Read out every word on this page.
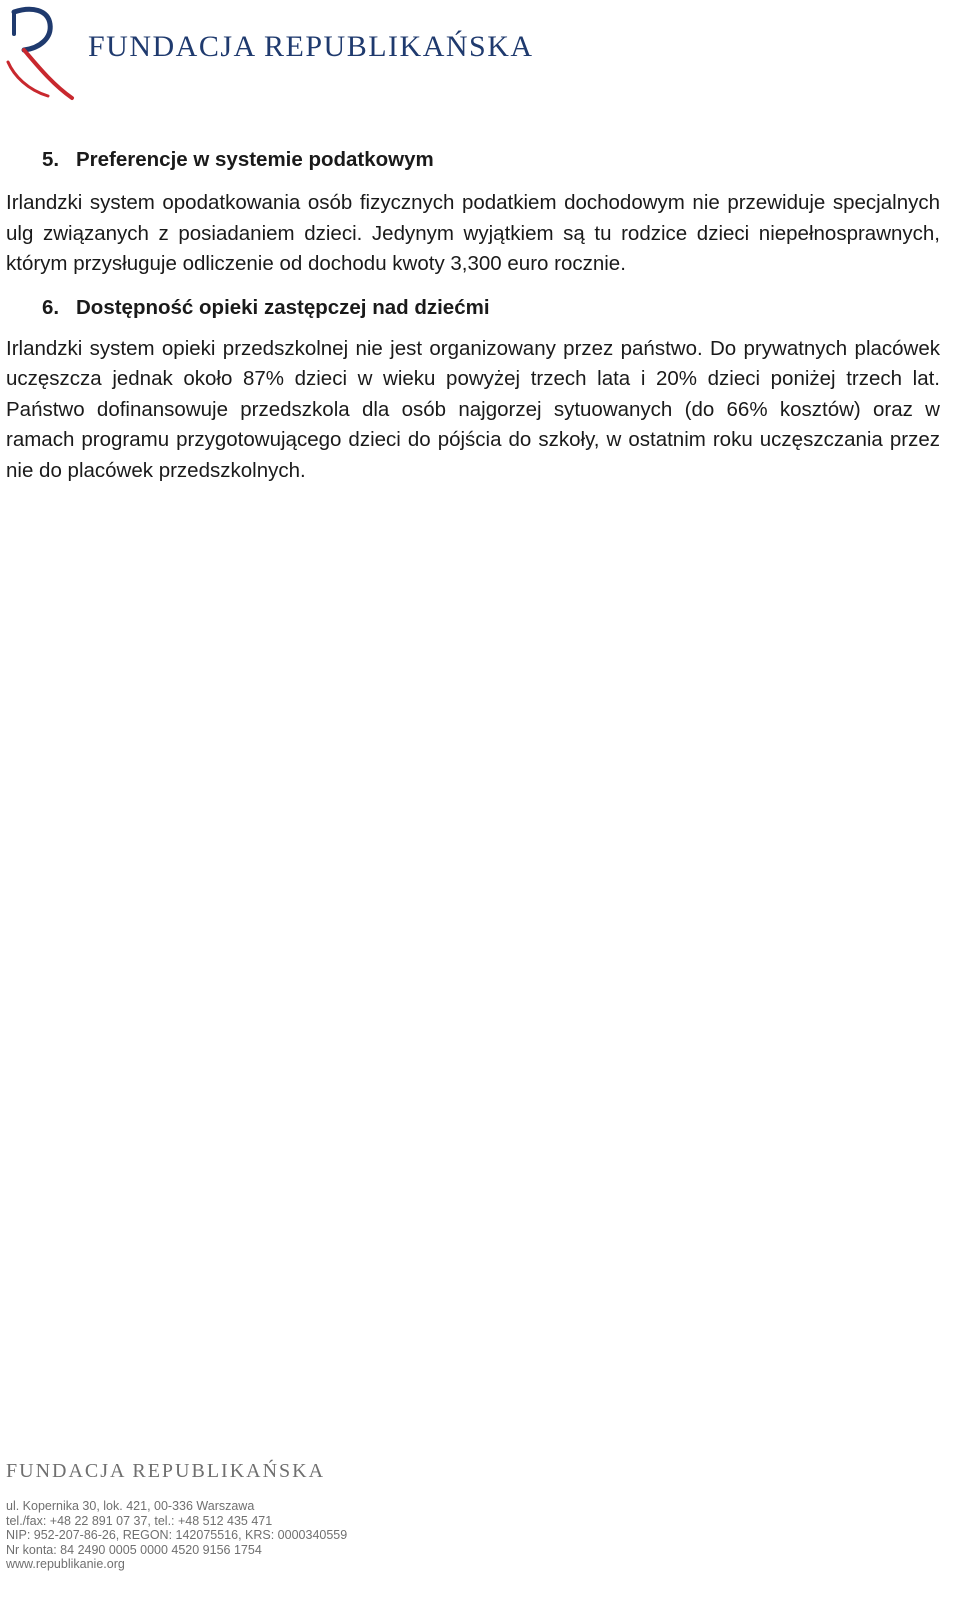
FUNDACJA REPUBLIKAŃSKA
5. Preferencje w systemie podatkowym

Irlandzki system opodatkowania osób fizycznych podatkiem dochodowym nie przewiduje specjalnych ulg związanych z posiadaniem dzieci. Jedynym wyjątkiem są tu rodzice dzieci niepełnosprawnych, którym przysługuje odliczenie od dochodu kwoty 3,300 euro rocznie.

6. Dostępność opieki zastępczej nad dziećmi

Irlandzki system opieki przedszkolnej nie jest organizowany przez państwo. Do prywatnych placówek uczęszcza jednak około 87% dzieci w wieku powyżej trzech lata i 20% dzieci poniżej trzech lat. Państwo dofinansowuje przedszkola dla osób najgorzej sytuowanych (do 66% kosztów) oraz w ramach programu przygotowującego dzieci do pójścia do szkoły, w ostatnim roku uczęszczania przez nie do placówek przedszkolnych.

FUNDACJA REPUBLIKAŃSKA
ul. Kopernika 30, lok. 421, 00-336 Warszawa
tel./fax: +48 22 891 07 37, tel.: +48 512 435 471
NIP: 952-207-86-26, REGON: 142075516, KRS: 0000340559
Nr konta: 84 2490 0005 0000 4520 9156 1754
www.republikanie.org
